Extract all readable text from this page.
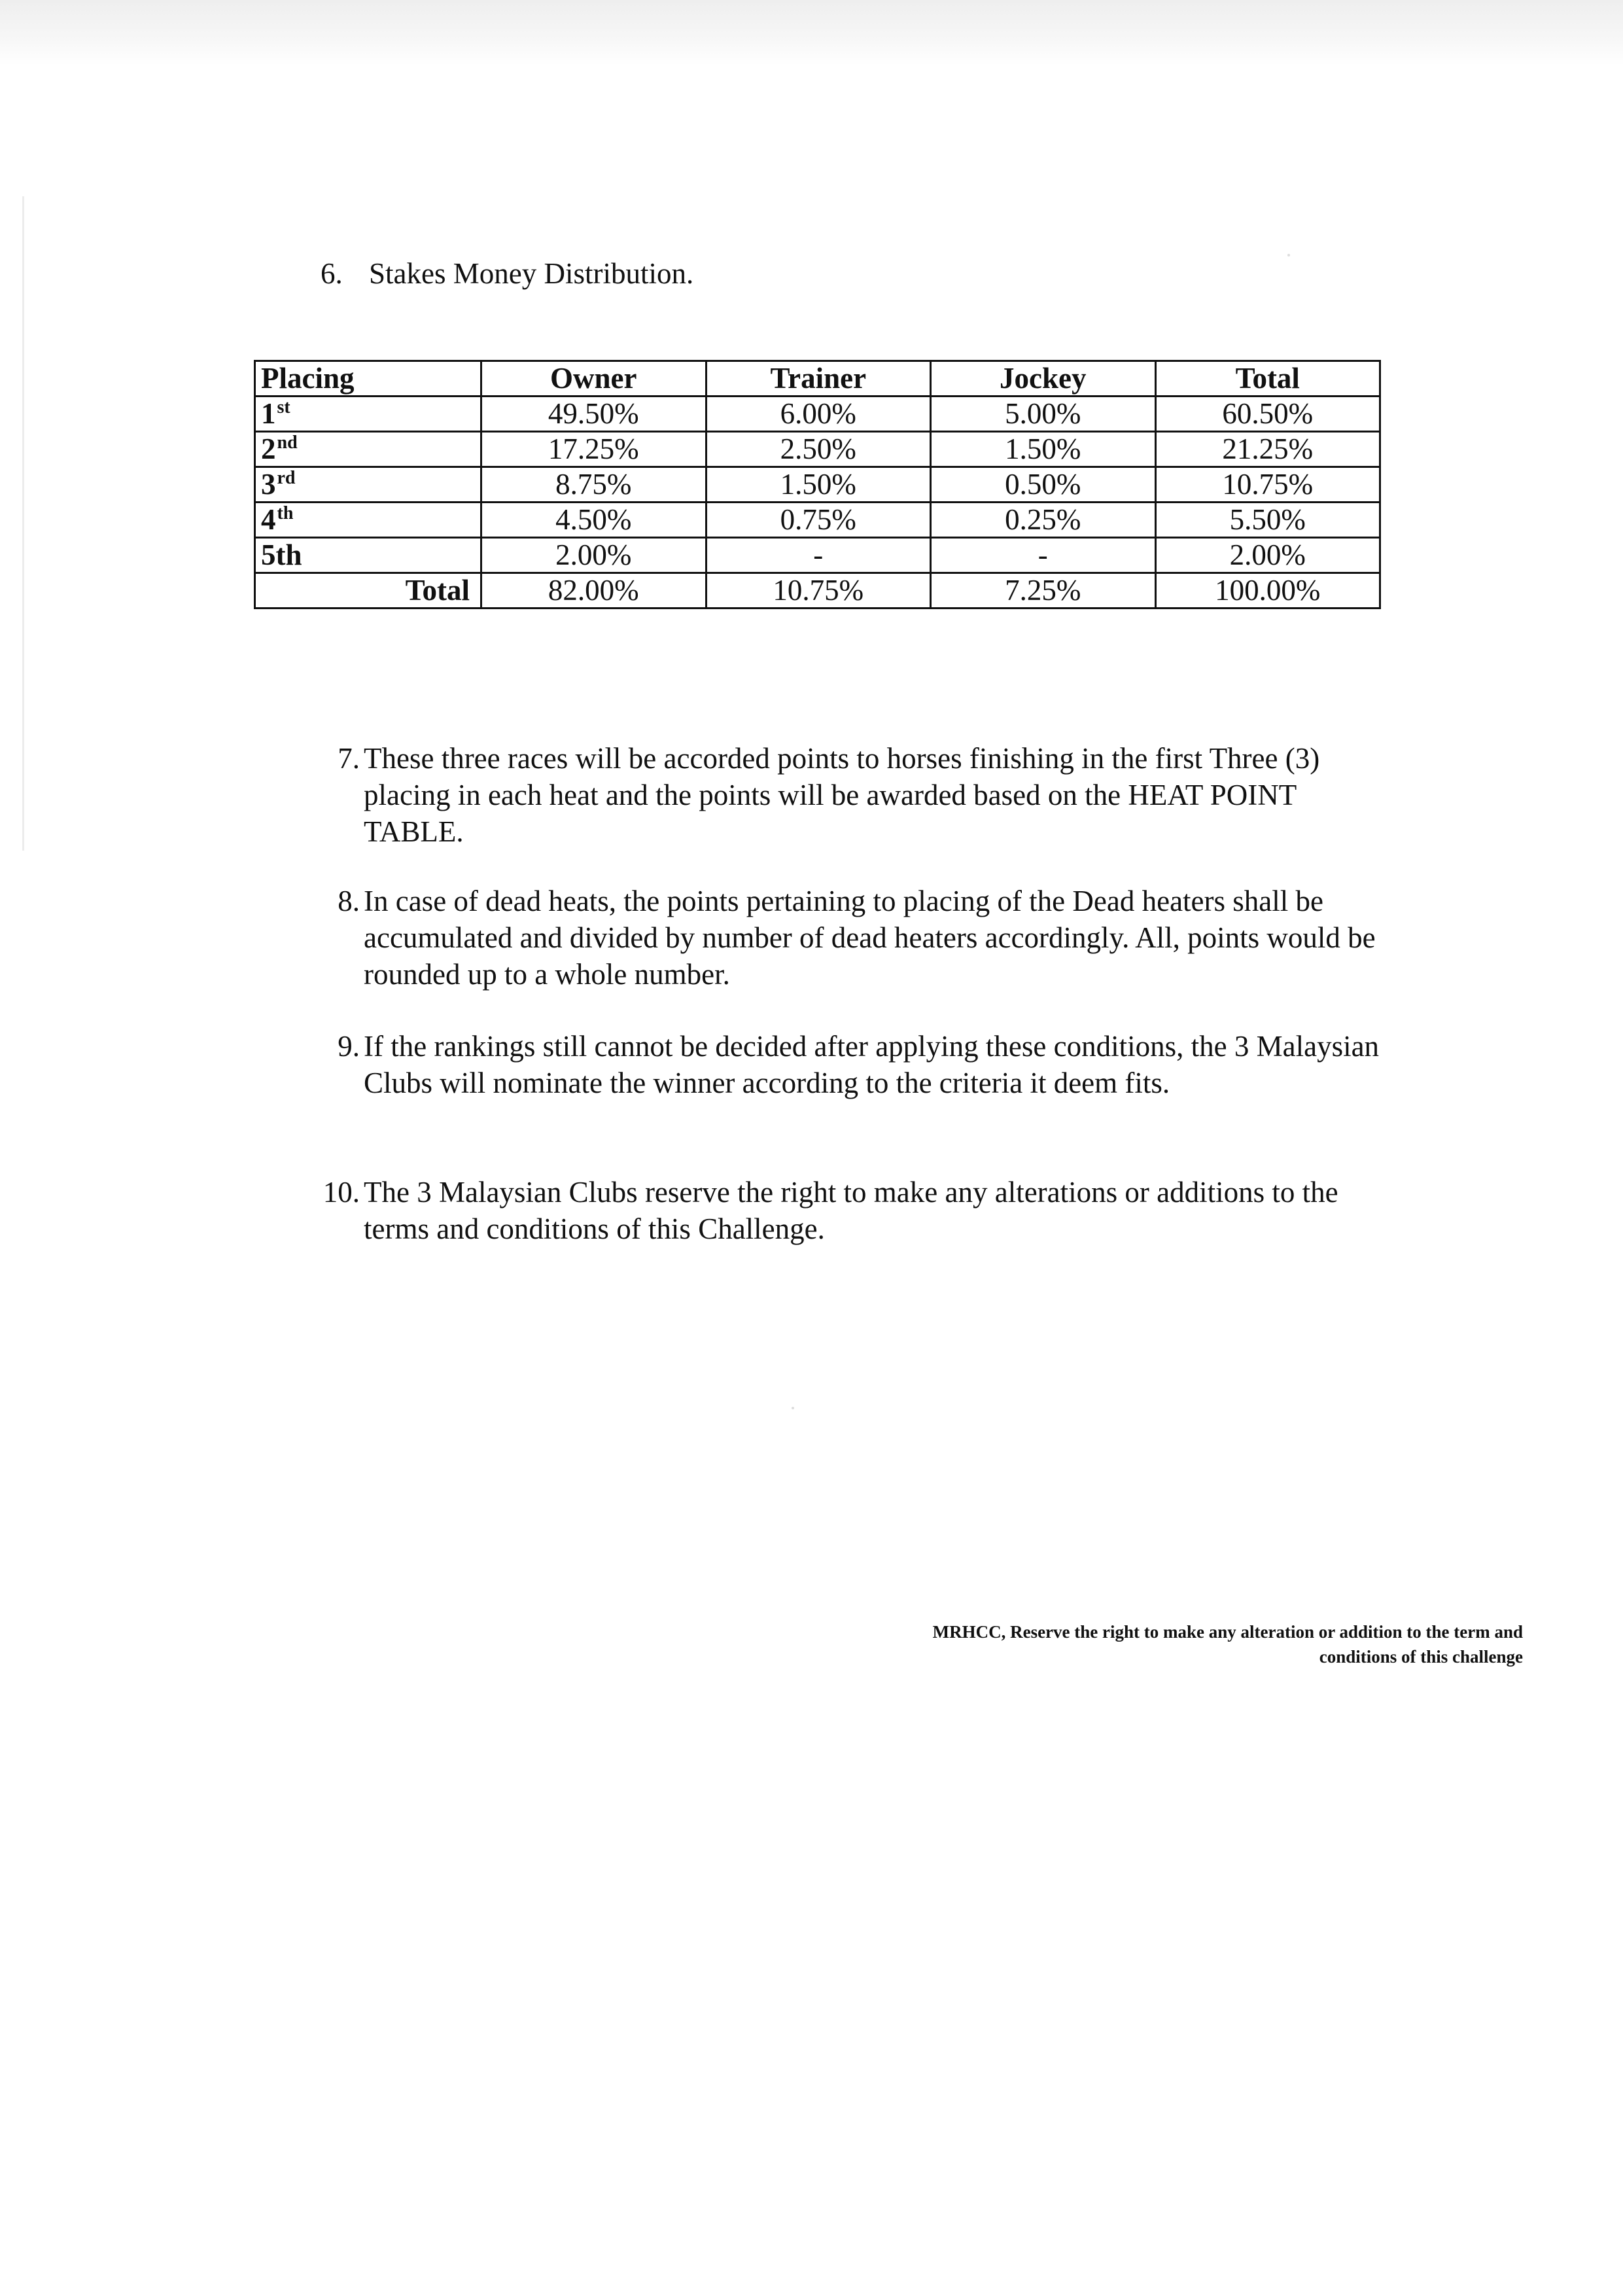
6. Stakes Money Distribution.
Placing	Owner	Trainer	Jockey	Total
1st	49.50%	6.00%	5.00%	60.50%
2nd	17.25%	2.50%	1.50%	21.25%
3rd	8.75%	1.50%	0.50%	10.75%
4th	4.50%	0.75%	0.25%	5.50%
5th	2.00%	-	-	2.00%
Total	82.00%	10.75%	7.25%	100.00%
7. These three races will be accorded points to horses finishing in the first Three (3) placing in each heat and the points will be awarded based on the HEAT POINT TABLE.
8. In case of dead heats, the points pertaining to placing of the Dead heaters shall be accumulated and divided by number of dead heaters accordingly. All, points would be rounded up to a whole number.
9. If the rankings still cannot be decided after applying these conditions, the 3 Malaysian Clubs will nominate the winner according to the criteria it deem fits.
10. The 3 Malaysian Clubs reserve the right to make any alterations or additions to the terms and conditions of this Challenge.
MRHCC, Reserve the right to make any alteration or addition to the term and
conditions of this challenge
